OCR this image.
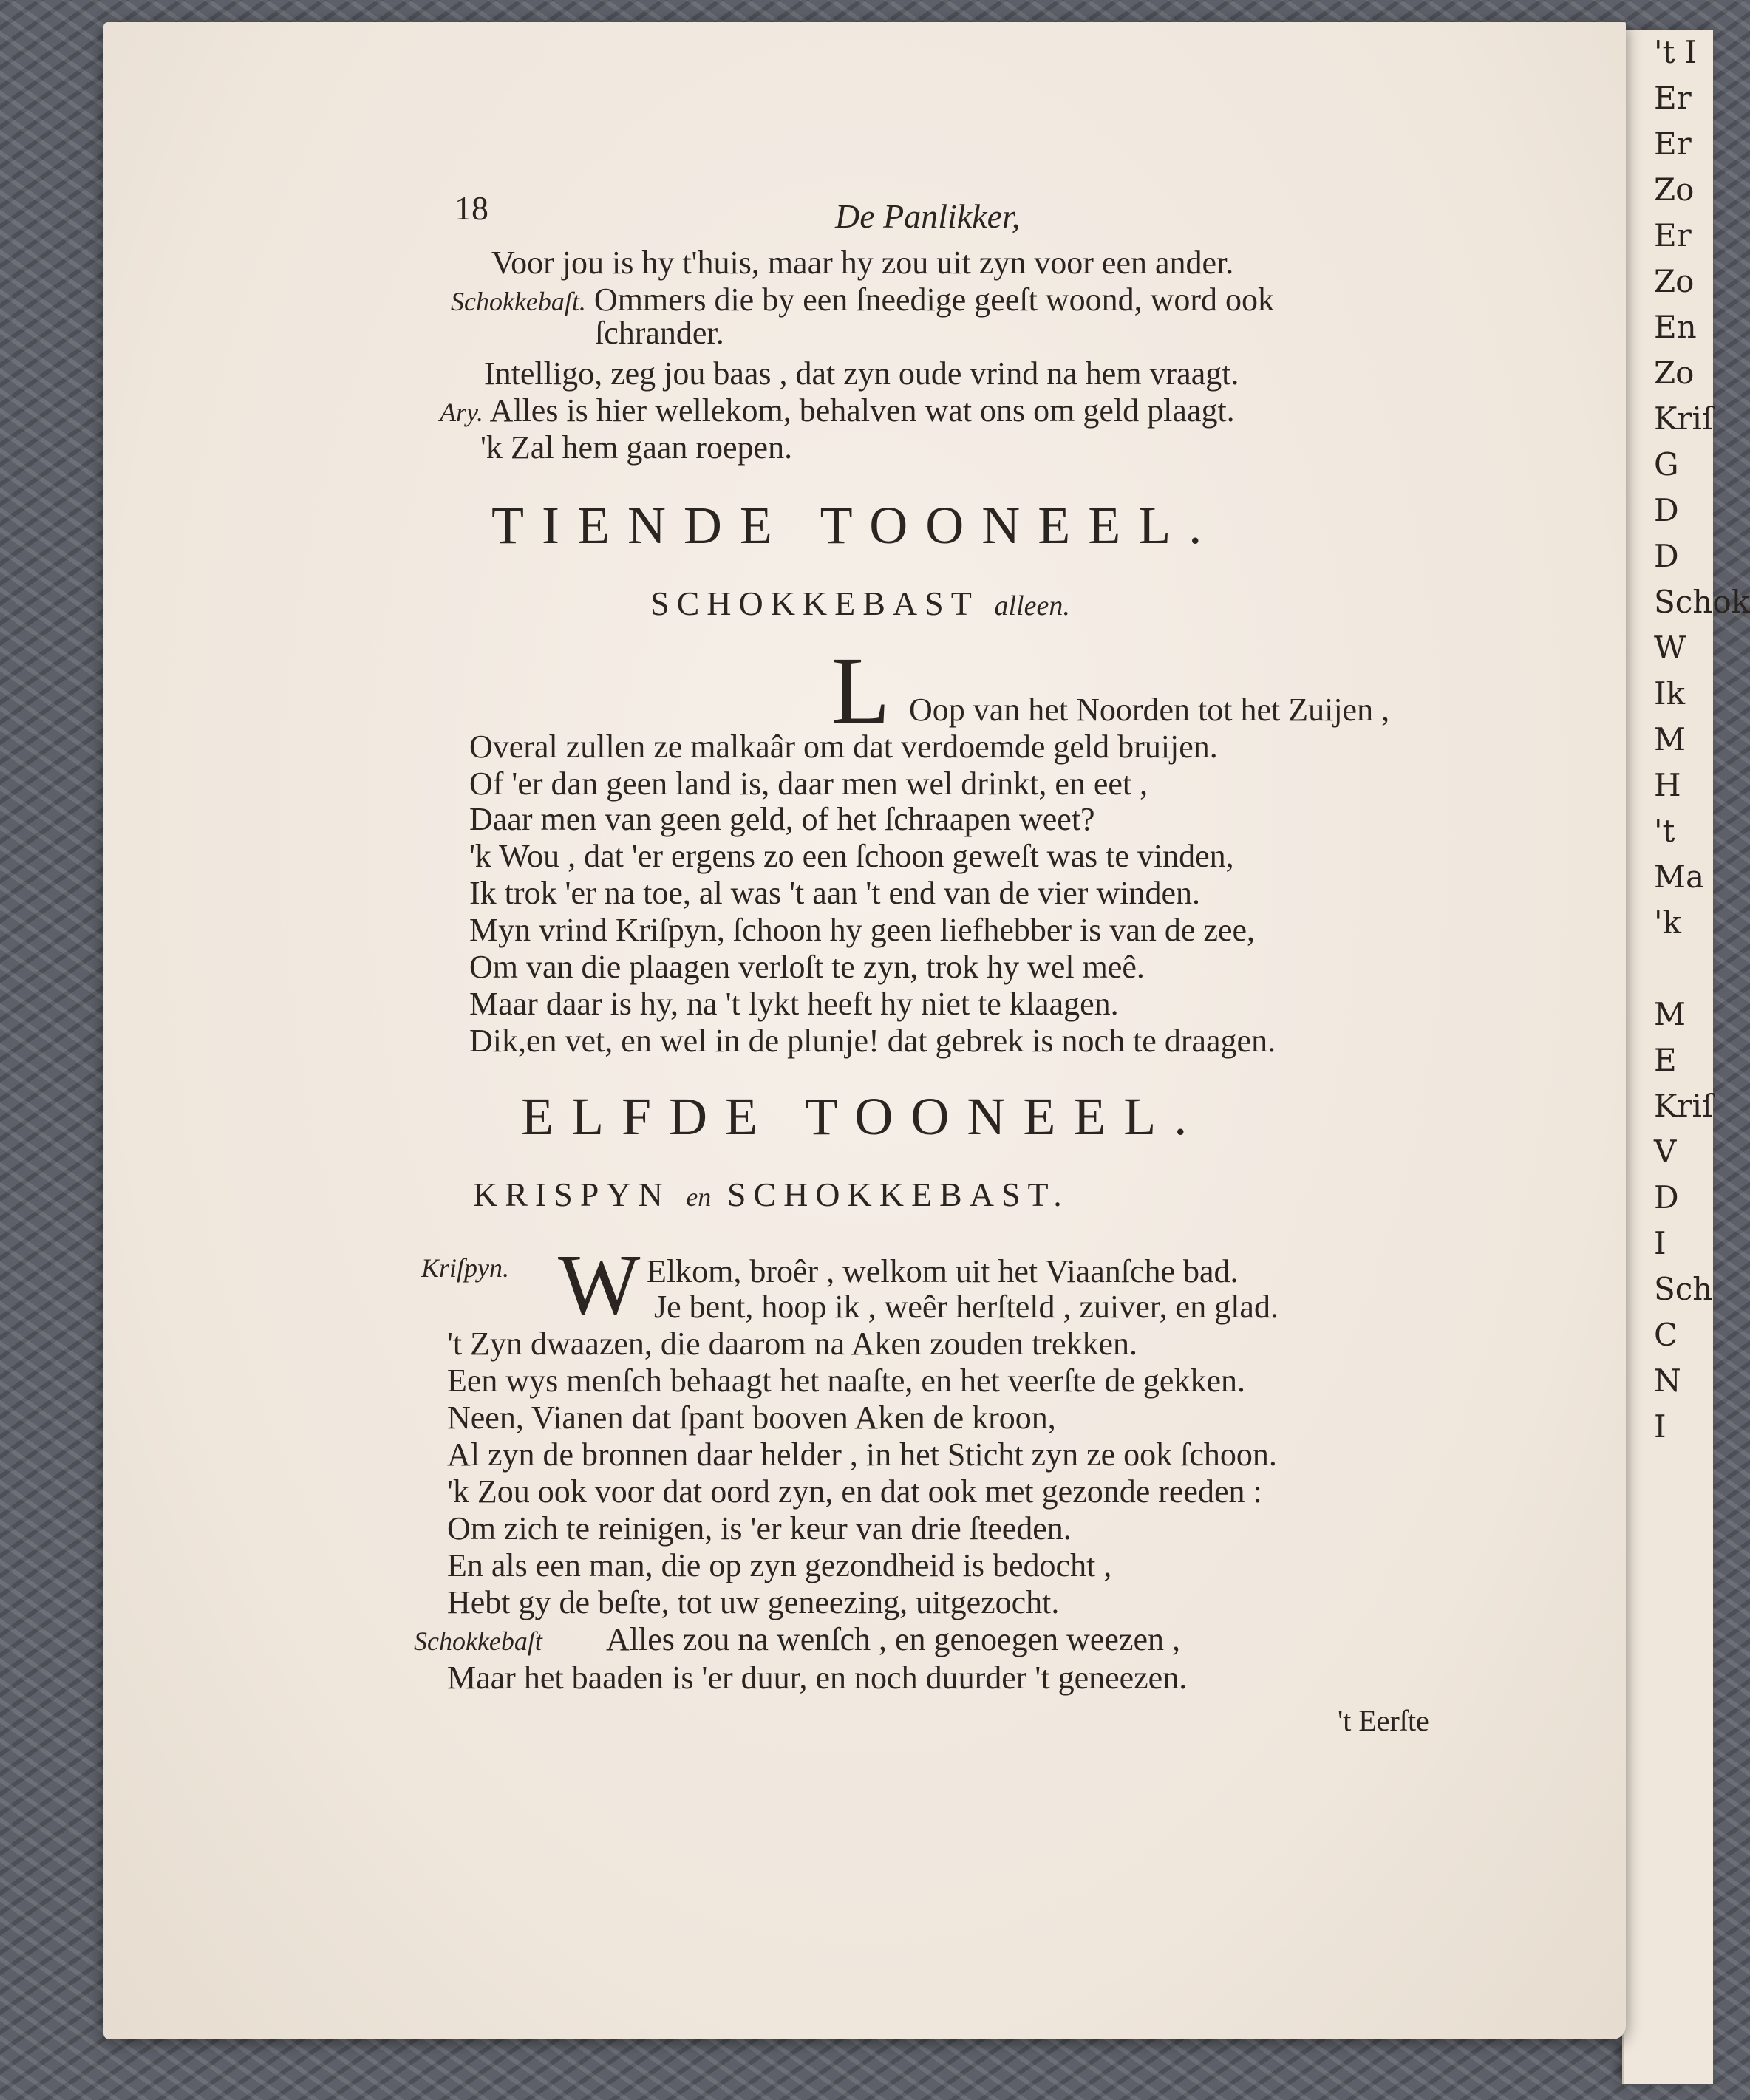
't I
Er
Er
Zo
Er
Zo
En
Zo
Kriſ
G
D
D
Schok
W
Ik
M
H
't
Ma
'k

M
E
Kriſ
V
D
I
Sch
C
N
I
18	De Panlikker,
Voor jou is hy t'huis, maar hy zou uit zyn voor een ander.
Schokkebaſt. Ommers die by een ſneedige geeſt woond, word ook
ſchrander.
Intelligo, zeg jou baas , dat zyn oude vrind na hem vraagt.
Ary. Alles is hier wellekom, behalven wat ons om geld plaagt.
'k Zal hem gaan roepen.
TIENDE TOONEEL.
SCHOKKEBAST alleen.
L Oop van het Noorden tot het Zuijen ,
Overal zullen ze malkaâr om dat verdoemde geld bruijen.
Of 'er dan geen land is, daar men wel drinkt, en eet ,
Daar men van geen geld, of het ſchraapen weet?
'k Wou , dat 'er ergens zo een ſchoon geweſt was te vinden,
Ik trok 'er na toe, al was 't aan 't end van de vier winden.
Myn vrind Kriſpyn, ſchoon hy geen liefhebber is van de zee,
Om van die plaagen verloſt te zyn, trok hy wel meê.
Maar daar is hy, na 't lykt heeft hy niet te klaagen.
Dik,en vet, en wel in de plunje! dat gebrek is noch te draagen.
ELFDE TOONEEL.
KRISPYN en SCHOKKEBAST.
Kriſpyn. W Elkom, broêr , welkom uit het Viaanſche bad.
Je bent, hoop ik , weêr herſteld , zuiver, en glad.
't Zyn dwaazen, die daarom na Aken zouden trekken.
Een wys menſch behaagt het naaſte, en het veerſte de gekken.
Neen, Vianen dat ſpant booven Aken de kroon,
Al zyn de bronnen daar helder , in het Sticht zyn ze ook ſchoon.
'k Zou ook voor dat oord zyn, en dat ook met gezonde reeden :
Om zich te reinigen, is 'er keur van drie ſteeden.
En als een man, die op zyn gezondheid is bedocht ,
Hebt gy de beſte, tot uw geneezing, uitgezocht.
Schokkebaſt Alles zou na wenſch , en genoegen weezen ,
Maar het baaden is 'er duur, en noch duurder 't geneezen.
't Eerſte
